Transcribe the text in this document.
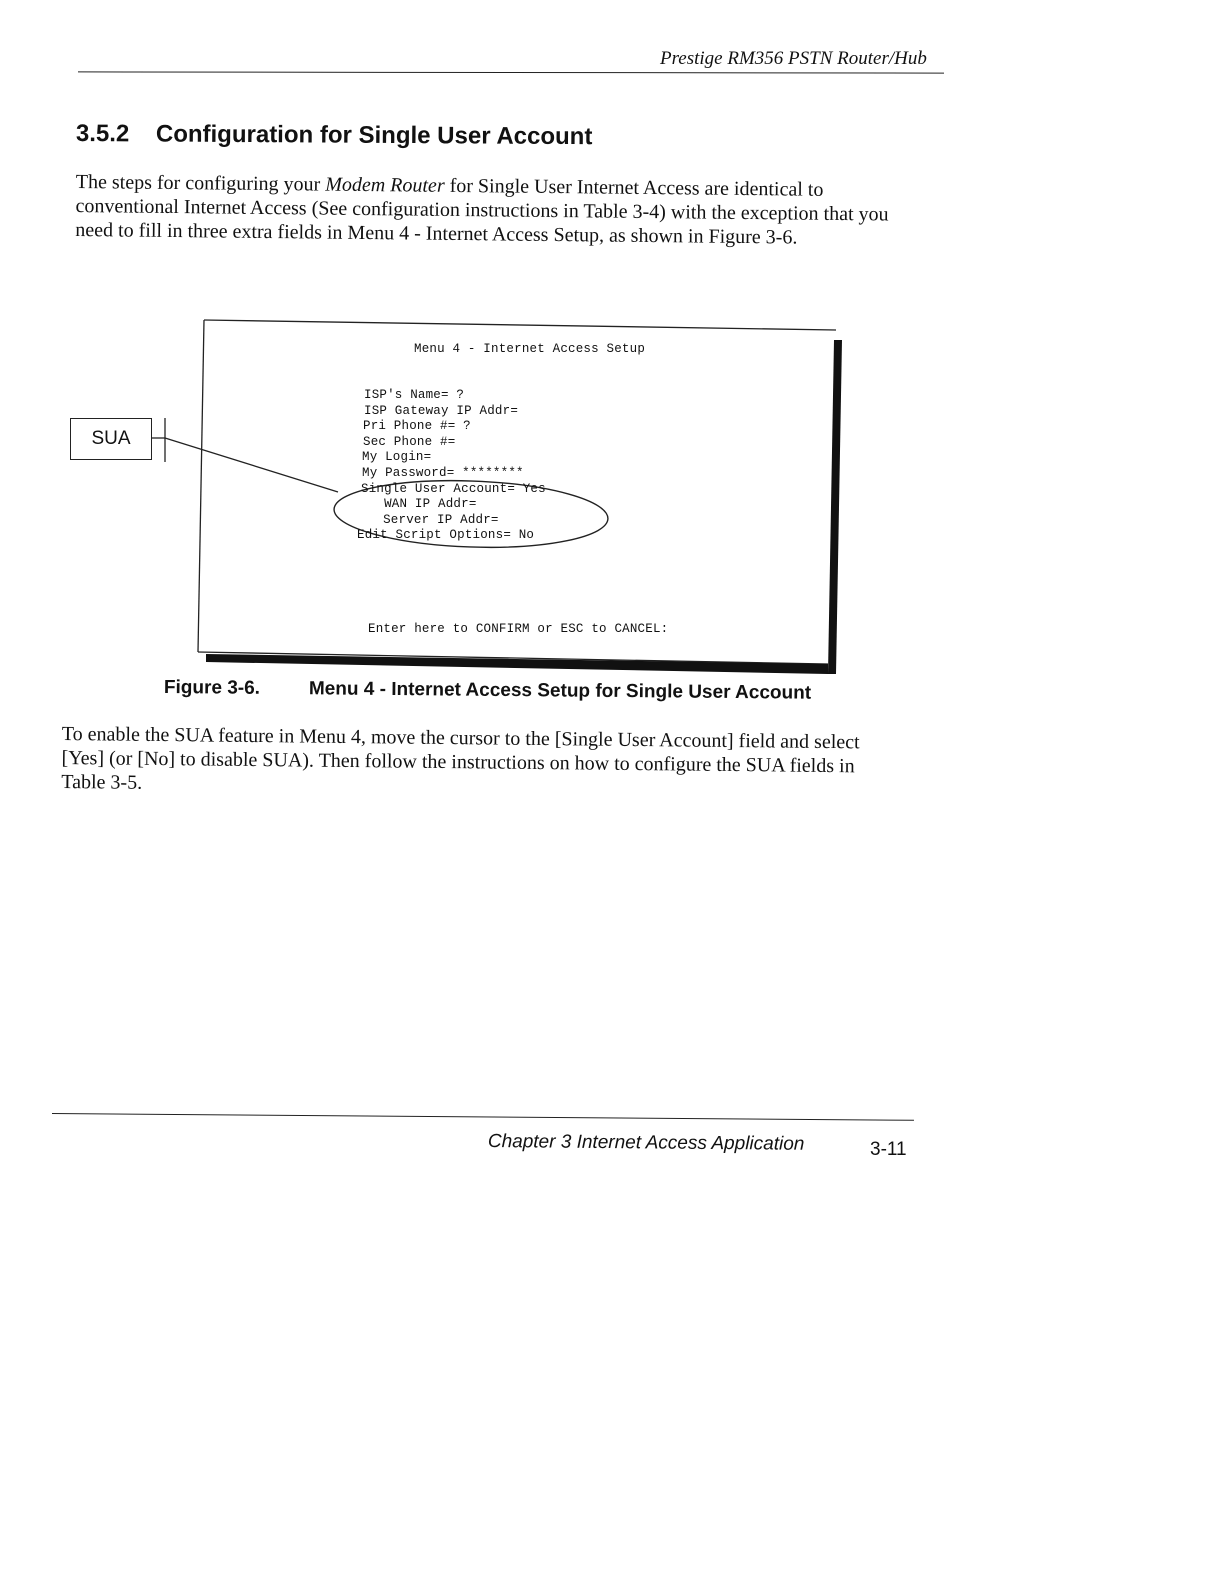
Prestige RM356 PSTN Router/Hub
3.5.2 Configuration for Single User Account
The steps for configuring your Modem Router for Single User Internet Access are identical to conventional Internet Access (See configuration instructions in Table 3-4) with the exception that you need to fill in three extra fields in Menu 4 - Internet Access Setup, as shown in Figure 3-6.
SUA
Menu 4 - Internet Access Setup
ISP's Name= ?
ISP Gateway IP Addr=
Pri Phone #= ?
Sec Phone #=
My Login=
My Password= ********
Single User Account= Yes
WAN IP Addr=
Server IP Addr=
Edit Script Options= No
Enter here to CONFIRM or ESC to CANCEL:
Figure 3-6.	Menu 4 - Internet Access Setup for Single User Account
To enable the SUA feature in Menu 4, move the cursor to the [Single User Account] field and select [Yes] (or [No] to disable SUA). Then follow the instructions on how to configure the SUA fields in Table 3-5.
Chapter 3 Internet Access Application	3-11
